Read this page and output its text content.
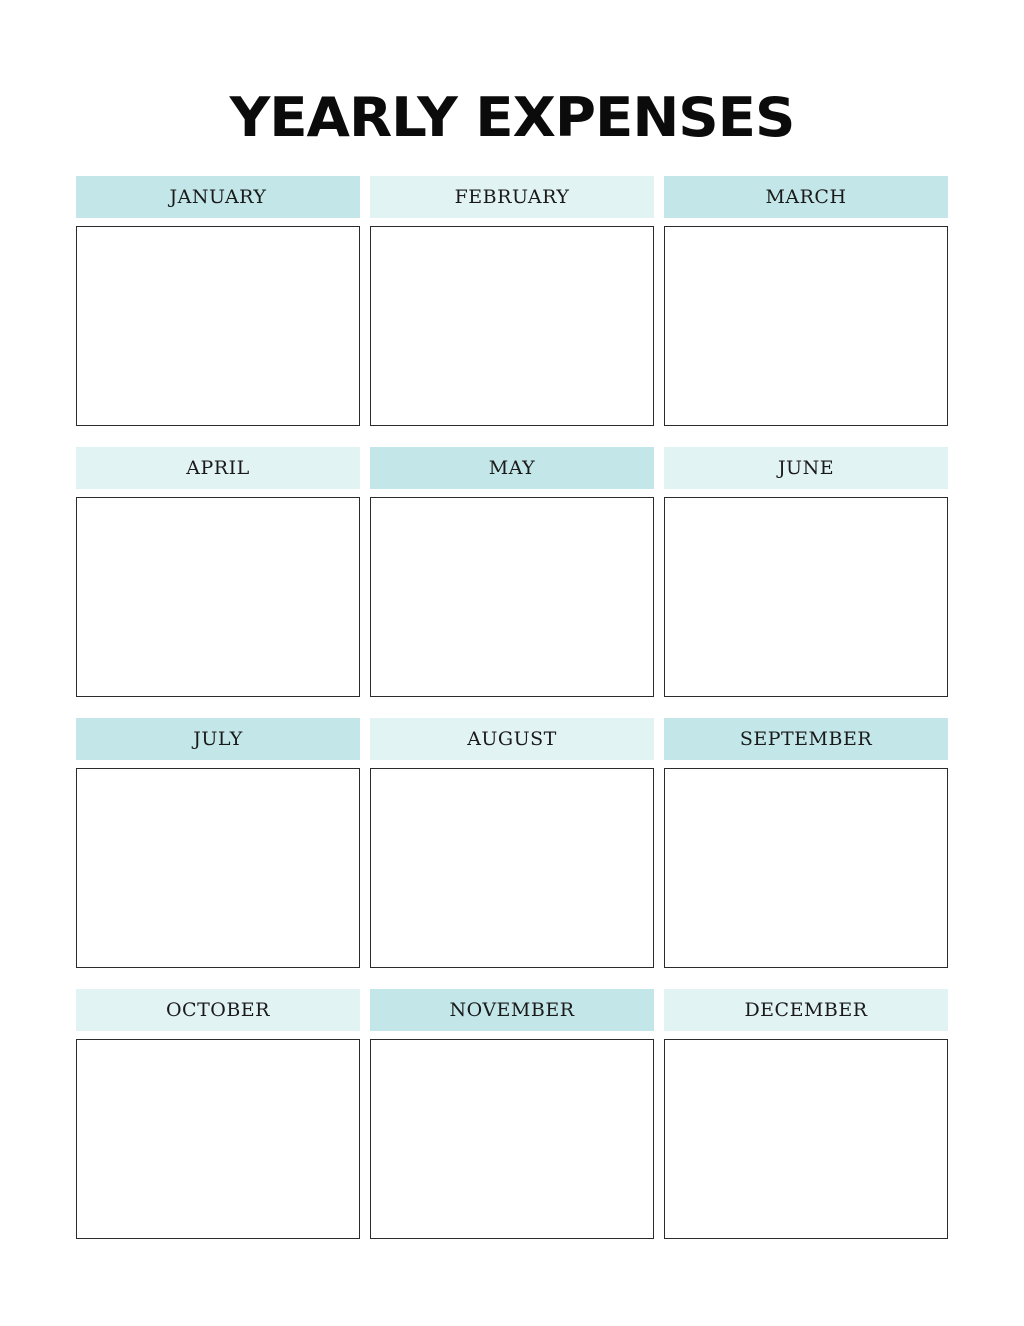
YEARLY EXPENSES
JANUARY	FEBRUARY	MARCH
APRIL	MAY	JUNE
JULY	AUGUST	SEPTEMBER
OCTOBER	NOVEMBER	DECEMBER
